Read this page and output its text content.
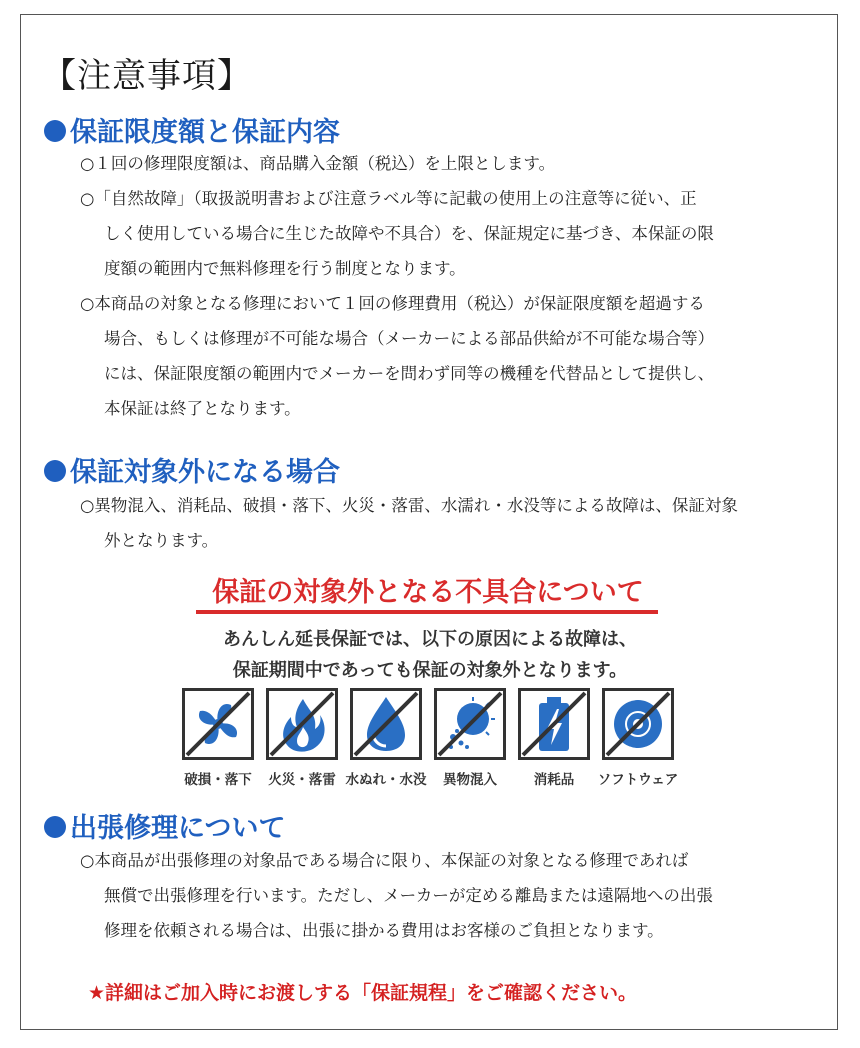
【注意事項】
保証限度額と保証内容
○１回の修理限度額は、商品購入金額（税込）を上限とします。
○「自然故障」（取扱説明書および注意ラベル等に記載の使用上の注意等に従い、正
しく使用している場合に生じた故障や不具合）を、保証規定に基づき、本保証の限
度額の範囲内で無料修理を行う制度となります。
○本商品の対象となる修理において１回の修理費用（税込）が保証限度額を超過する
場合、もしくは修理が不可能な場合（メーカーによる部品供給が不可能な場合等）
には、保証限度額の範囲内でメーカーを問わず同等の機種を代替品として提供し、
本保証は終了となります。
保証対象外になる場合
○異物混入、消耗品、破損・落下、火災・落雷、水濡れ・水没等による故障は、保証対象
外となります。
保証の対象外となる不具合について
あんしん延長保証では、以下の原因による故障は、
保証期間中であっても保証の対象外となります。
破損・落下	火災・落雷 水ぬれ・水没	異物混入	消耗品	ソフトウェア
出張修理について
○本商品が出張修理の対象品である場合に限り、本保証の対象となる修理であれば
無償で出張修理を行います。ただし、メーカーが定める離島または遠隔地への出張
修理を依頼される場合は、出張に掛かる費用はお客様のご負担となります。
★詳細はご加入時にお渡しする「保証規程」をご確認ください。
